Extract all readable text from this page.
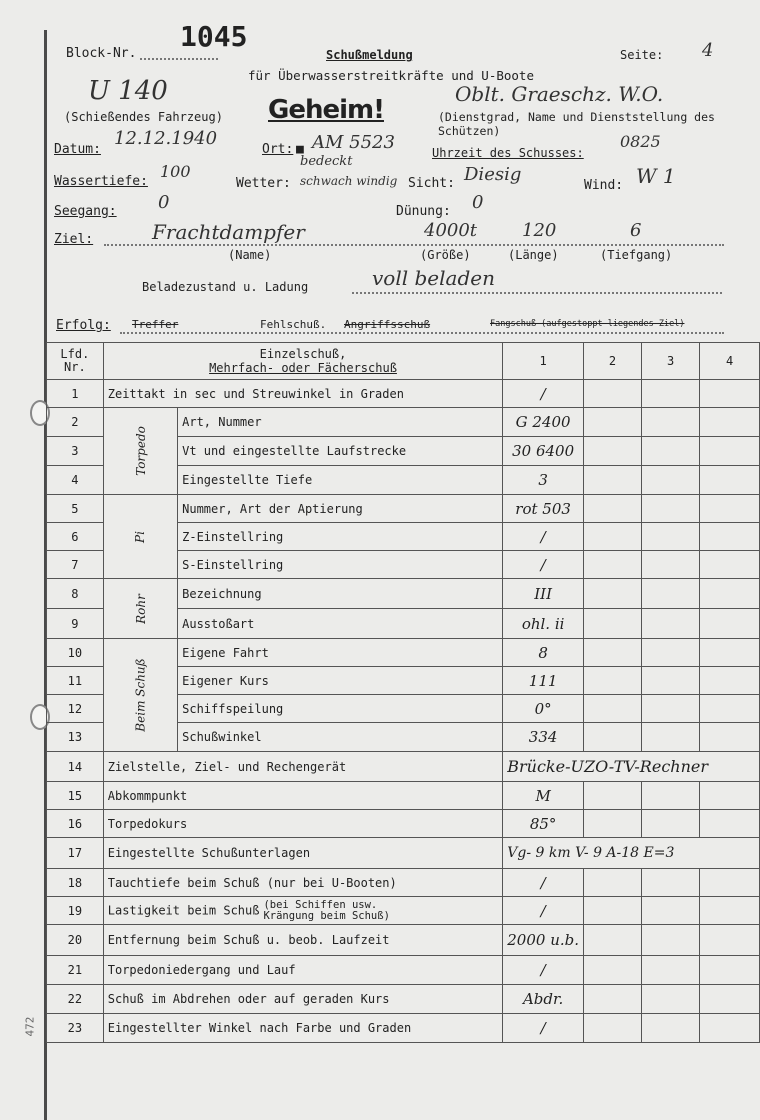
Block-Nr.
1045
Schußmeldung
für Überwasserstreitkräfte und U-Boote
Seite: 4
U 140
(Schießendes Fahrzeug) Geheim!
Oblt. Graeschz. W.O.
(Dienstgrad, Name und Dienststellung des Schützen)
Datum:
12.12.1940
Ort: ■ AM 5523	Uhrzeit des Schusses:
0825
Wassertiefe:
100
Wetter:
bedeckt
schwach windig Sicht: Diesig
Wind: W 1
Seegang: 0	Dünung: 0
Ziel:	Frachtdampfer	4000t 120	6
(Name)	(Größe)	(Länge)	(Tiefgang)
Beladezustand u. Ladung	voll beladen
Erfolg: Treffer	Fehlschuß. Angriffsschuß	Fangschuß (aufgestoppt liegendes Ziel)
Lfd. Nr.	Einzelschuß,
Mehrfach- oder Fächerschuß		1	2	3	4
1	Zeittakt in sec und Streuwinkel in Graden		/			
2	Torpedo	Art, Nummer	G 2400			
3		Vt und eingestellte Laufstrecke	30 6400			
4		Eingestellte Tiefe	3			
5	Pi	Nummer, Art der Aptierung	rot 503			
6		Z-Einstellring	/			
7		S-Einstellring	/			
8	Rohr	Bezeichnung	III			
9		Ausstoßart	ohl. ii			
10	Beim Schuß	Eigene Fahrt	8			
11		Eigener Kurs	111			
12		Schiffspeilung	0°			
13		Schußwinkel	334			
14	Zielstelle, Ziel- und Rechengerät		Brücke-UZO-TV-Rechner			
15	Abkommpunkt		M			
16	Torpedokurs		85°			
17	Eingestellte Schußunterlagen		Vg- 9 km V- 9 A-18 E=3			
18	Tauchtiefe beim Schuß (nur bei U-Booten)		/			
19	Lastigkeit beim Schuß (bei Schiffen usw. Krängung beim Schuß)		/			
20	Entfernung beim Schuß u. beob. Laufzeit		2000 u.b.			
21	Torpedoniedergang und Lauf		/			
22	Schuß im Abdrehen oder auf geraden Kurs		Abdr.			
23	Eingestellter Winkel nach Farbe und Graden		/			
472
